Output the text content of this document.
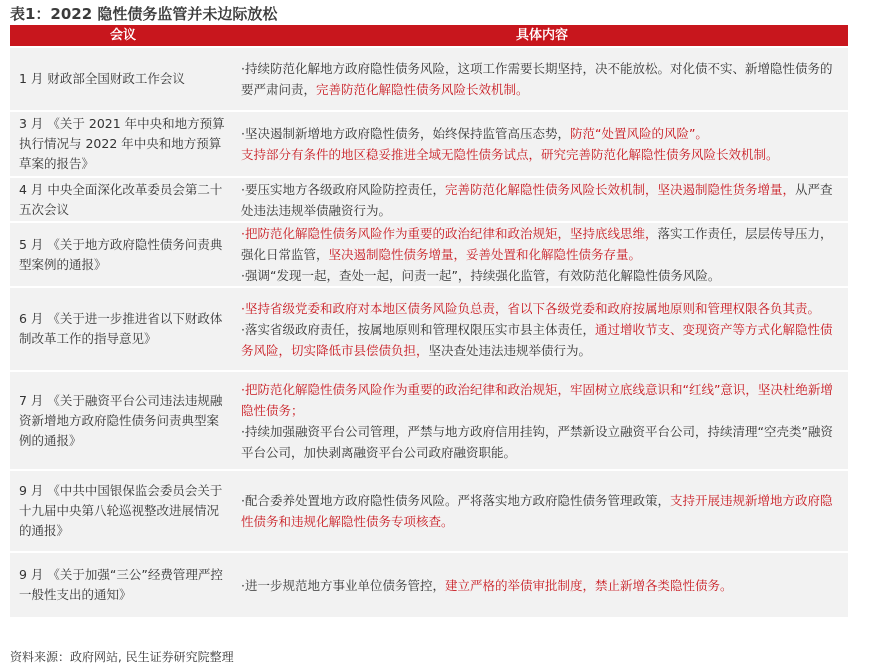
表1：2022 隐性债务监管并未边际放松
会议	具体内容
1 月 财政部全国财政工作会议
·持续防范化解地方政府隐性债务风险，这项工作需要长期坚持，决不能放松。对化债不实、新增隐性债务的要严肃问责，完善防范化解隐性债务风险长效机制。
3 月 《关于 2021 年中央和地方预算执行情况与 2022 年中央和地方预算草案的报告》
·坚决遏制新增地方政府隐性债务，始终保持监管高压态势，防范“处置风险的风险”。
支持部分有条件的地区稳妥推进全域无隐性债务试点，研究完善防范化解隐性债务风险长效机制。
4 月 中央全面深化改革委员会第二十五次会议
·要压实地方各级政府风险防控责任，完善防范化解隐性债务风险长效机制，坚决遏制隐性货务增量，从严查处违法违规举债融资行为。
5 月 《关于地方政府隐性债务问责典型案例的通报》
·把防范化解隐性债务风险作为重要的政治纪律和政治规矩，坚持底线思维，落实工作责任，层层传导压力，强化日常监管，坚决遏制隐性债务增量，妥善处置和化解隐性债务存量。
·强调“发现一起，查处一起，问责一起”，持续强化监管，有效防范化解隐性债务风险。
6 月 《关于进一步推进省以下财政体制改革工作的指导意见》
·坚持省级党委和政府对本地区债务风险负总责，省以下各级党委和政府按属地原则和管理权限各负其责。
·落实省级政府责任，按属地原则和管理权限压实市县主体责任，通过增收节支、变现资产等方式化解隐性债务风险，切实降低市县偿债负担，坚决查处违法违规举债行为。
7 月 《关于融资平台公司违法违规融资新增地方政府隐性债务问责典型案例的通报》
·把防范化解隐性债务风险作为重要的政治纪律和政治规矩，牢固树立底线意识和“红线”意识，坚决杜绝新增隐性债务；
·持续加强融资平台公司管理，严禁与地方政府信用挂钩，严禁新设立融资平台公司，持续清理“空壳类”融资平台公司，加快剥离融资平台公司政府融资职能。
9 月 《中共中国银保监会委员会关于十九届中央第八轮巡视整改进展情况的通报》
·配合委养处置地方政府隐性债务风险。严将落实地方政府隐性债务管理政策，支持开展违规新增地方政府隐性债务和违规化解隐性债务专项核查。
9 月 《关于加强“三公”经费管理严控一般性支出的通知》
·进一步规范地方事业单位债务管控，建立严格的举债审批制度，禁止新增各类隐性债务。
资料来源：政府网站, 民生证券研究院整理
